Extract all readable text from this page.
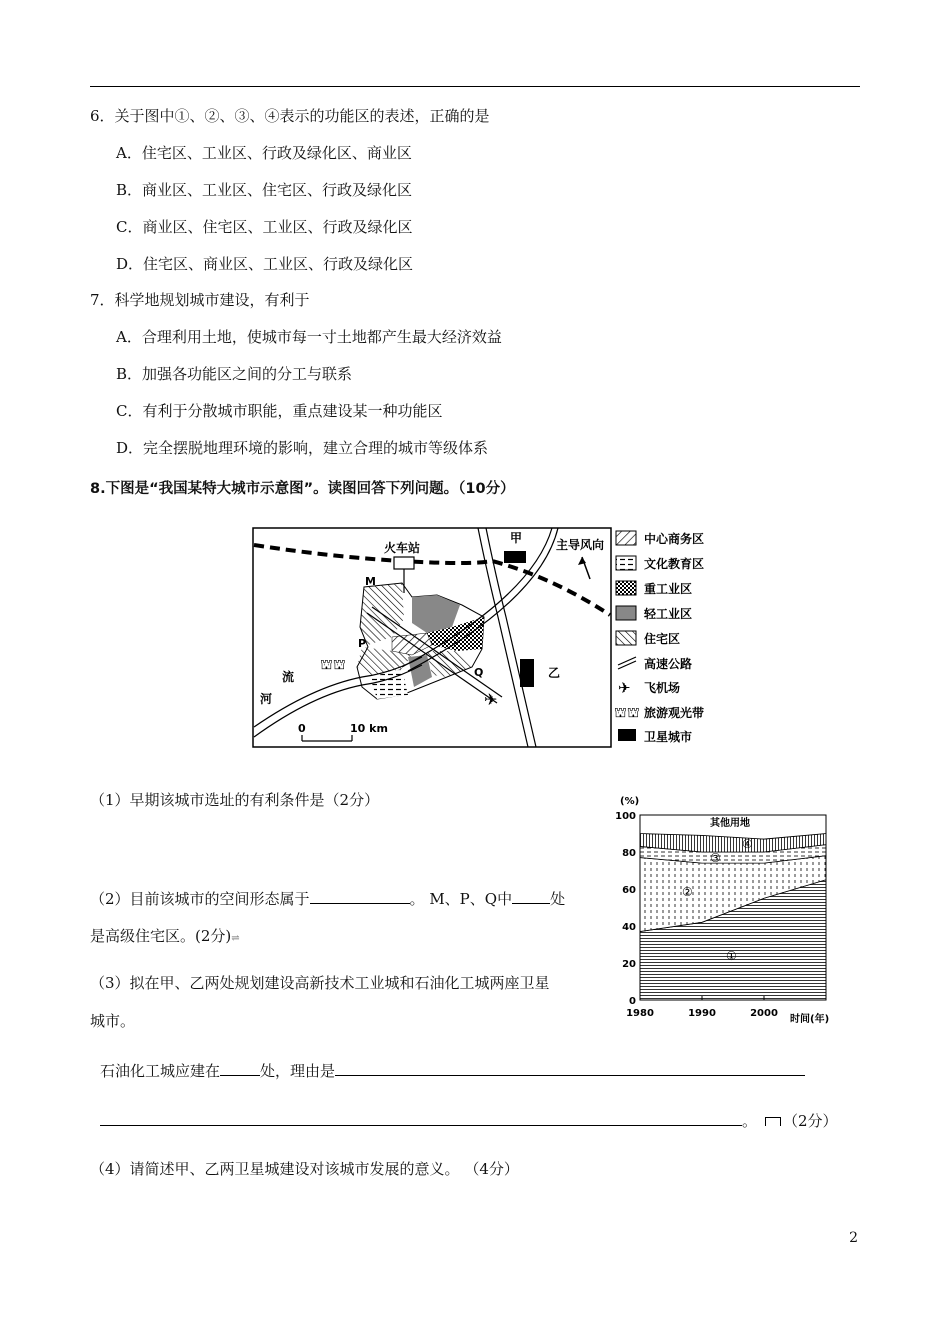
6．关于图中①、②、③、④表示的功能区的表述，正确的是
A．住宅区、工业区、行政及绿化区、商业区
B．商业区、工业区、住宅区、行政及绿化区
C．商业区、住宅区、工业区、行政及绿化区
D．住宅区、商业区、工业区、行政及绿化区
7．科学地规划城市建设，有利于
A．合理利用土地，使城市每一寸土地都产生最大经济效益
B．加强各功能区之间的分工与联系
C．有利于分散城市职能，重点建设某一种功能区
D．完全摆脱地理环境的影响，建立合理的城市等级体系
8.下图是“我国某特大城市示意图”。读图回答下列问题。（10分）
火车站
甲
乙
主导风向
M
P
Q
流
河
⛫⛫
✈
0	10 km
中心商务区
文化教育区
重工业区
轻工业区
住宅区
高速公路
✈ 飞机场
⛫⛫ 旅游观光带
卫星城市
（1）早期该城市选址的有利条件是（2分）
（2）目前该城市的空间形态属于	。 M、P、Q中	处
是高级住宅区。(2分)⇌
（3）拟在甲、乙两处规划建设高新技术工业城和石油化工城两座卫星
城市。
石油化工城应建在	处，理由是
。 （2分）
（4）请简述甲、乙两卫星城建设对该城市发展的意义。 （4分）
0
20
40
60
80
100
1980	1990	2000
(%)
时间(年)
其他用地
④
③
②
①
2
